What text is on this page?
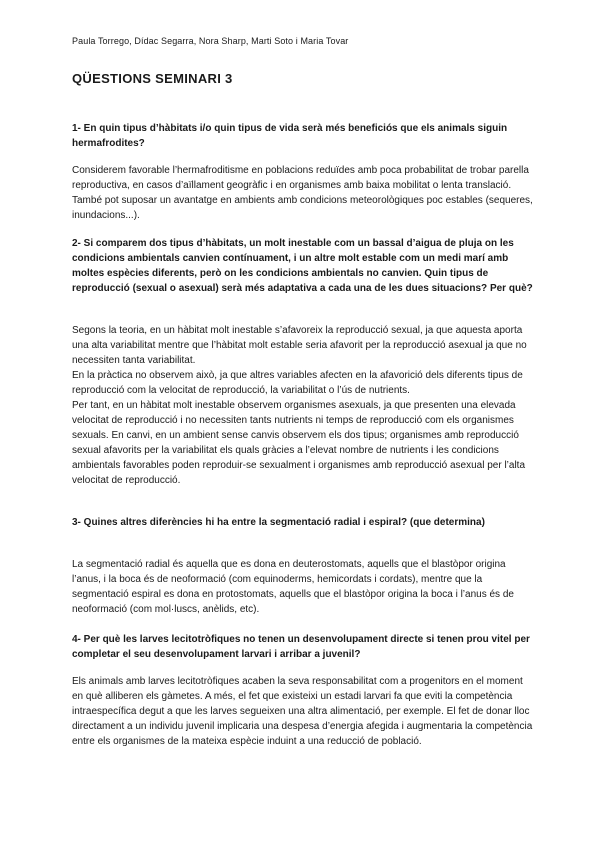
Paula Torrego, Dídac Segarra, Nora Sharp, Marti Soto i Maria Tovar
QÜESTIONS SEMINARI 3
1- En quin tipus d’hàbitats i/o quin tipus de vida serà més beneficiós que els animals siguin hermafrodites?

Considerem favorable l’hermafroditisme en poblacions reduïdes amb poca probabilitat de trobar parella reproductiva, en casos d’aïllament geogràfic i en organismes amb baixa mobilitat o lenta translació. També pot suposar un avantatge en ambients amb condicions meteorològiques poc estables (sequeres, inundacions...).

2- Si comparem dos tipus d’hàbitats, un molt inestable com un bassal d’aigua de pluja on les condicions ambientals canvien contínuament, i un altre molt estable com un medi marí amb moltes espècies diferents, però on les condicions ambientals no canvien. Quin tipus de reproducció (sexual o asexual) serà més adaptativa a cada una de les dues situacions? Per què?

Segons la teoria, en un hàbitat molt inestable s’afavoreix la reproducció sexual, ja que aquesta aporta una alta variabilitat mentre que l’hàbitat molt estable seria afavorit per la reproducció asexual ja que no necessiten tanta variabilitat.

En la pràctica no observem això, ja que altres variables afecten en la afavorició dels diferents tipus de reproducció com la velocitat de reproducció, la variabilitat o l’ús de nutrients.

Per tant, en un hàbitat molt inestable observem organismes asexuals, ja que presenten una elevada velocitat de reproducció i no necessiten tants nutrients ni temps de reproducció com els organismes sexuals. En canvi, en un ambient sense canvis observem els dos tipus; organismes amb reproducció sexual afavorits per la variabilitat els quals gràcies a l’elevat nombre de nutrients i les condicions ambientals favorables poden reproduir-se sexualment i organismes amb reproducció asexual per l’alta velocitat de reproducció.

3- Quines altres diferències hi ha entre la segmentació radial i espiral? (que determina)

La segmentació radial és aquella que es dona en deuterostomats, aquells que el blastòpor origina l’anus, i la boca és de neoformació (com equinoderms, hemicordats i cordats), mentre que la segmentació espiral es dona en protostomats, aquells que el blastòpor origina la boca i l’anus és de neoformació (com mol·luscs, anèlids, etc).

4- Per què les larves lecitotròfiques no tenen un desenvolupament directe si tenen prou vitel per completar el seu desenvolupament larvari i arribar a juvenil?

Els animals amb larves lecitotròfiques acaben la seva responsabilitat com a progenitors en el moment en què alliberen els gàmetes. A més, el fet que existeixi un estadi larvari fa que eviti la competència intraespecífica degut a que les larves segueixen una altra alimentació, per exemple. El fet de donar lloc directament a un individu juvenil implicaria una despesa d’energia afegida i augmentaria la competència entre els organismes de la mateixa espècie induint a una reducció de població.
